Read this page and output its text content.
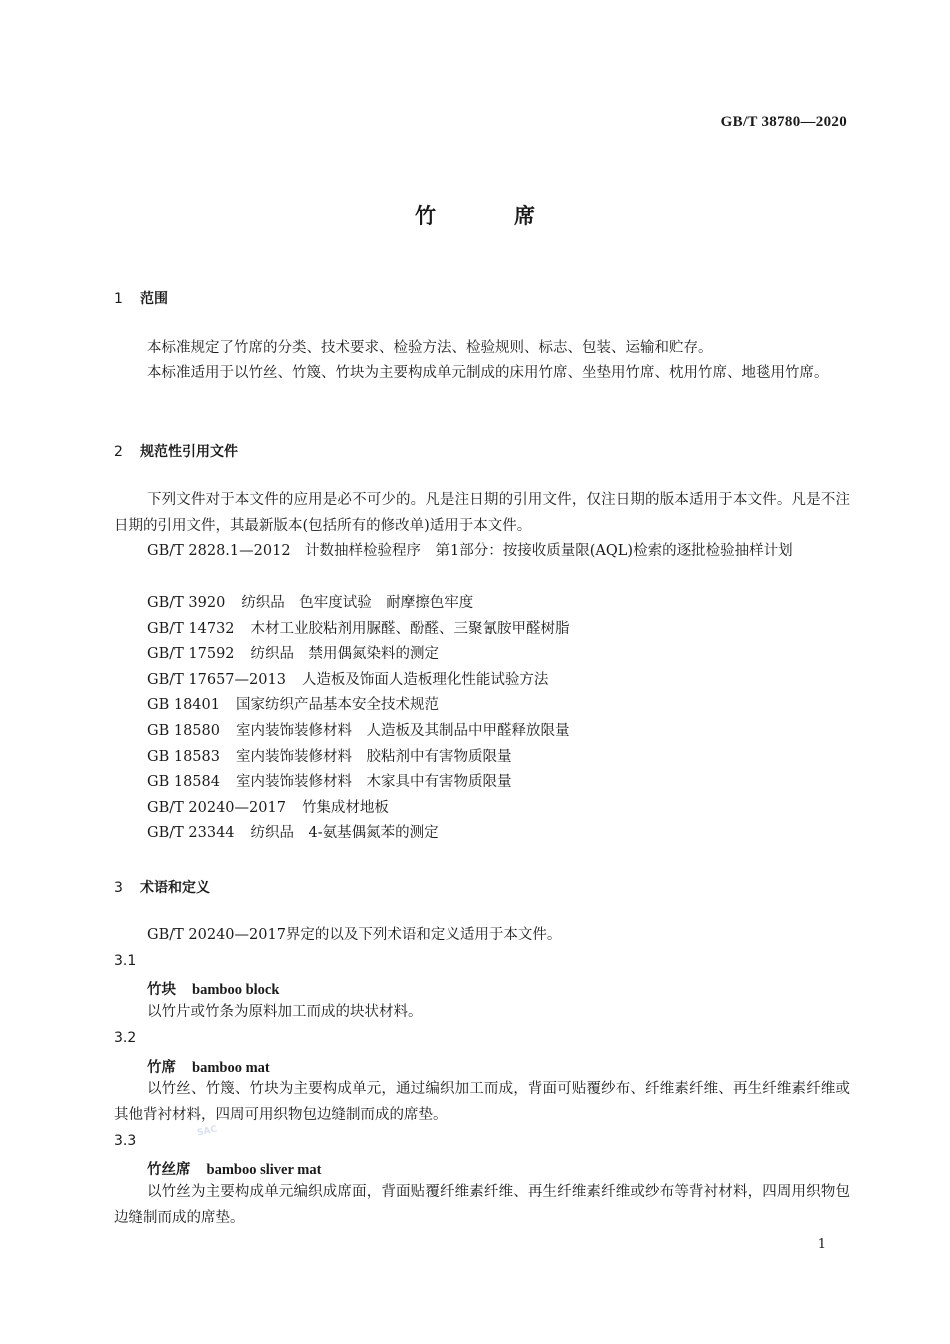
GB/T 38780—2020
竹席
1 范围
本标准规定了竹席的分类、技术要求、检验方法、检验规则、标志、包装、运输和贮存。
本标准适用于以竹丝、竹篾、竹块为主要构成单元制成的床用竹席、坐垫用竹席、枕用竹席、地毯用竹席。
2 规范性引用文件
下列文件对于本文件的应用是必不可少的。凡是注日期的引用文件，仅注日期的版本适用于本文件。凡是不注日期的引用文件，其最新版本(包括所有的修改单)适用于本文件。
GB/T 2828.1—2012　计数抽样检验程序　第1部分：按接收质量限(AQL)检索的逐批检验抽样计划
GB/T 3920 纺织品　色牢度试验　耐摩擦色牢度
GB/T 14732 木材工业胶粘剂用脲醛、酚醛、三聚氰胺甲醛树脂
GB/T 17592 纺织品　禁用偶氮染料的测定
GB/T 17657—2013 人造板及饰面人造板理化性能试验方法
GB 18401 国家纺织产品基本安全技术规范
GB 18580 室内装饰装修材料　人造板及其制品中甲醛释放限量
GB 18583 室内装饰装修材料　胶粘剂中有害物质限量
GB 18584 室内装饰装修材料　木家具中有害物质限量
GB/T 20240—2017 竹集成材地板
GB/T 23344 纺织品　4-氨基偶氮苯的测定
3 术语和定义
GB/T 20240—2017界定的以及下列术语和定义适用于本文件。
3.1
竹块 bamboo block
以竹片或竹条为原料加工而成的块状材料。
3.2
竹席 bamboo mat
以竹丝、竹篾、竹块为主要构成单元，通过编织加工而成，背面可贴覆纱布、纤维素纤维、再生纤维素纤维或其他背衬材料，四周可用织物包边缝制而成的席垫。
3.3
竹丝席 bamboo sliver mat
以竹丝为主要构成单元编织成席面，背面贴覆纤维素纤维、再生纤维素纤维或纱布等背衬材料，四周用织物包边缝制而成的席垫。
SAC
1
